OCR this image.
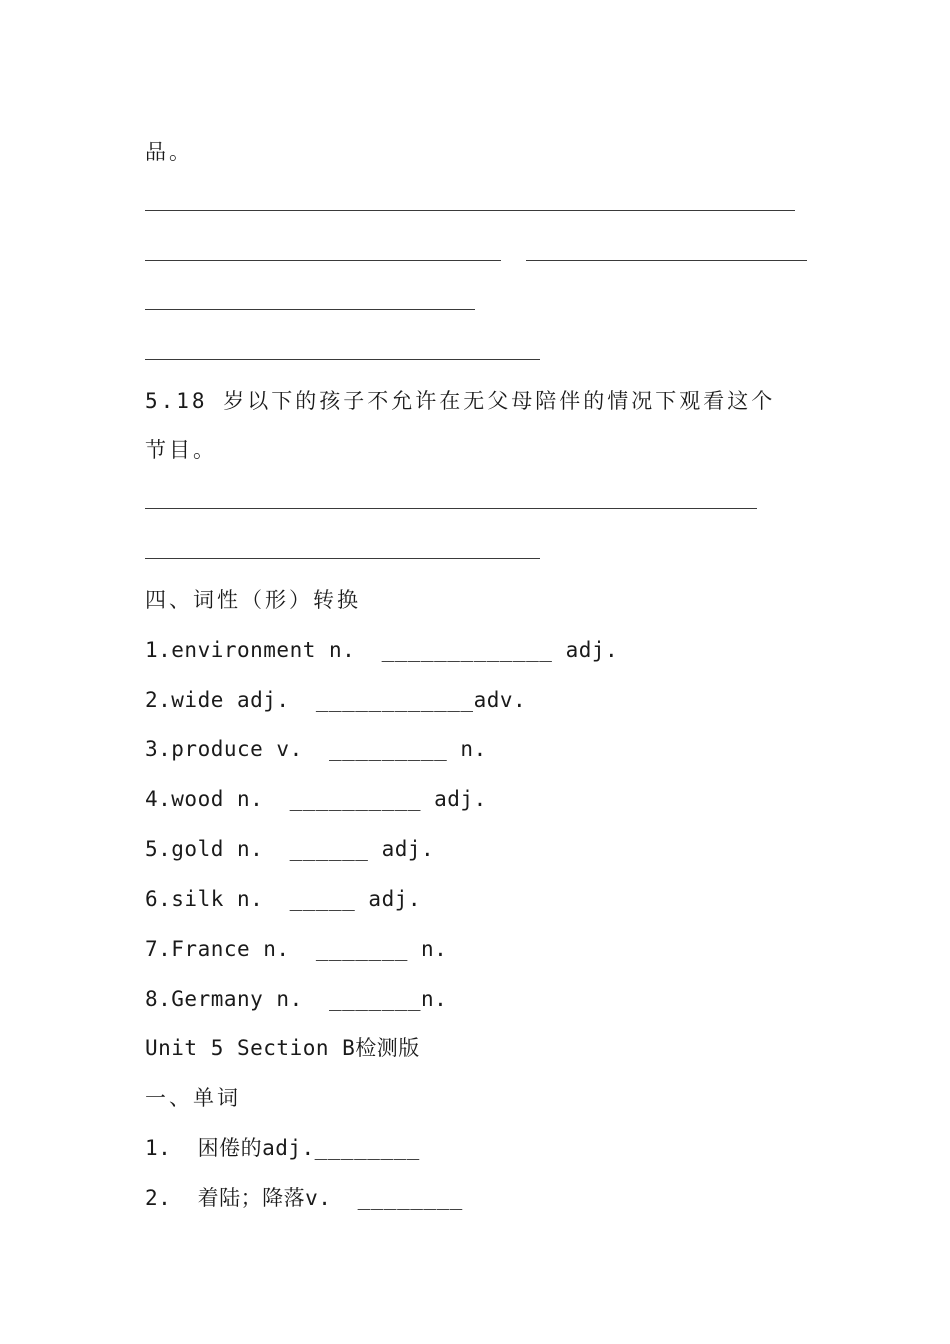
品。
5.18 岁以下的孩子不允许在无父母陪伴的情况下观看这个
节目。
四、词性（形）转换
1.environment n.  _____________ adj.
2.wide adj.  ____________adv.
3.produce v.  _________ n.
4.wood n.  __________ adj.
5.gold n.  ______ adj.
6.silk n.  _____ adj.
7.France n.  _______ n.
8.Germany n.  _______n.
Unit 5 Section B检测版
一、单词
1.  困倦的adj.________
2.  着陆；降落v.  ________
